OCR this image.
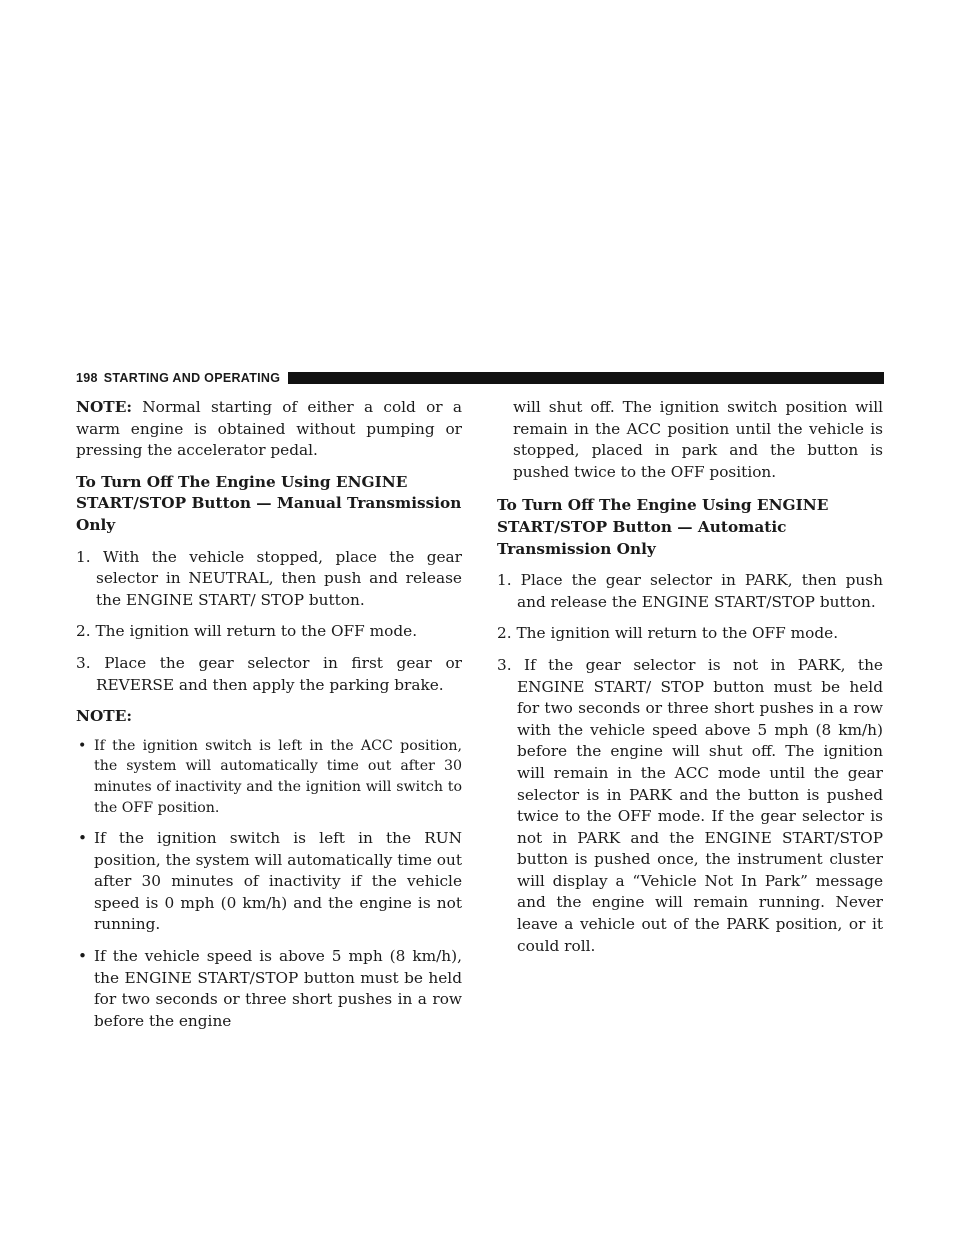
198 STARTING AND OPERATING

NOTE: Normal starting of either a cold or a warm engine is obtained without pumping or pressing the accelerator pedal.

To Turn Off The Engine Using ENGINE START/STOP Button — Manual Transmission Only

1. With the vehicle stopped, place the gear selector in NEUTRAL, then push and release the ENGINE START/ STOP button.

2. The ignition will return to the OFF mode.

3. Place the gear selector in first gear or REVERSE and then apply the parking brake.

NOTE:

• If the ignition switch is left in the ACC position, the system will automatically time out after 30 minutes of inactivity and the ignition will switch to the OFF position.

• If the ignition switch is left in the RUN position, the system will automatically time out after 30 minutes of inactivity if the vehicle speed is 0 mph (0 km/h) and the engine is not running.

• If the vehicle speed is above 5 mph (8 km/h), the ENGINE START/STOP button must be held for two seconds or three short pushes in a row before the engine

will shut off. The ignition switch position will remain in the ACC position until the vehicle is stopped, placed in park and the button is pushed twice to the OFF position.

To Turn Off The Engine Using ENGINE START/STOP Button — Automatic Transmission Only

1. Place the gear selector in PARK, then push and release the ENGINE START/STOP button.

2. The ignition will return to the OFF mode.

3. If the gear selector is not in PARK, the ENGINE START/ STOP button must be held for two seconds or three short pushes in a row with the vehicle speed above 5 mph (8 km/h) before the engine will shut off. The ignition will remain in the ACC mode until the gear selector is in PARK and the button is pushed twice to the OFF mode. If the gear selector is not in PARK and the ENGINE START/STOP button is pushed once, the instrument cluster will display a “Vehicle Not In Park” message and the engine will remain running. Never leave a vehicle out of the PARK position, or it could roll.
